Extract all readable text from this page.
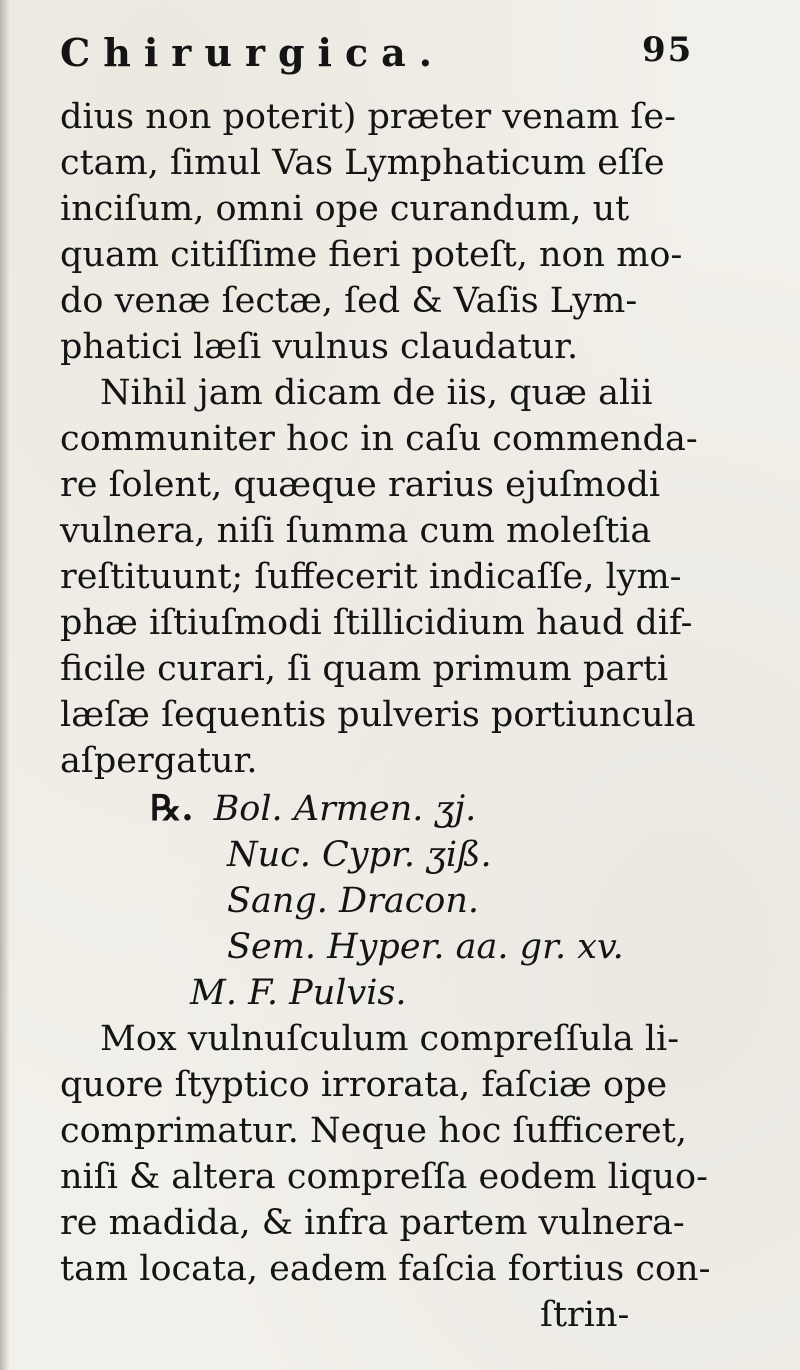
Chirurgica.	95
dius non poterit) præter venam ſe-
ctam, ſimul Vas Lymphaticum eſſe
inciſum, omni ope curandum, ut
quam citiſſime fieri poteſt, non mo-
do venæ ſectæ, ſed & Vaſis Lym-
phatici læſi vulnus claudatur.
Nihil jam dicam de iis, quæ alii
communiter hoc in caſu commenda-
re ſolent, quæque rarius ejuſmodi
vulnera, niſi ſumma cum moleſtia
reſtituunt; ſuffecerit indicaſſe, lym-
phæ iſtiuſmodi ſtillicidium haud dif-
ficile curari, ſi quam primum parti
læſæ ſequentis pulveris portiuncula
aſpergatur.
℞. Bol. Armen. ʒj.
Nuc. Cypr. ʒiß.
Sang. Dracon.
Sem. Hyper. aa. gr. xv.
M. F. Pulvis.
Mox vulnuſculum compreſſula li-
quore ſtyptico irrorata, faſciæ ope
comprimatur. Neque hoc ſufficeret,
niſi & altera compreſſa eodem liquo-
re madida, & infra partem vulnera-
tam locata, eadem faſcia fortius con-
ſtrin-
